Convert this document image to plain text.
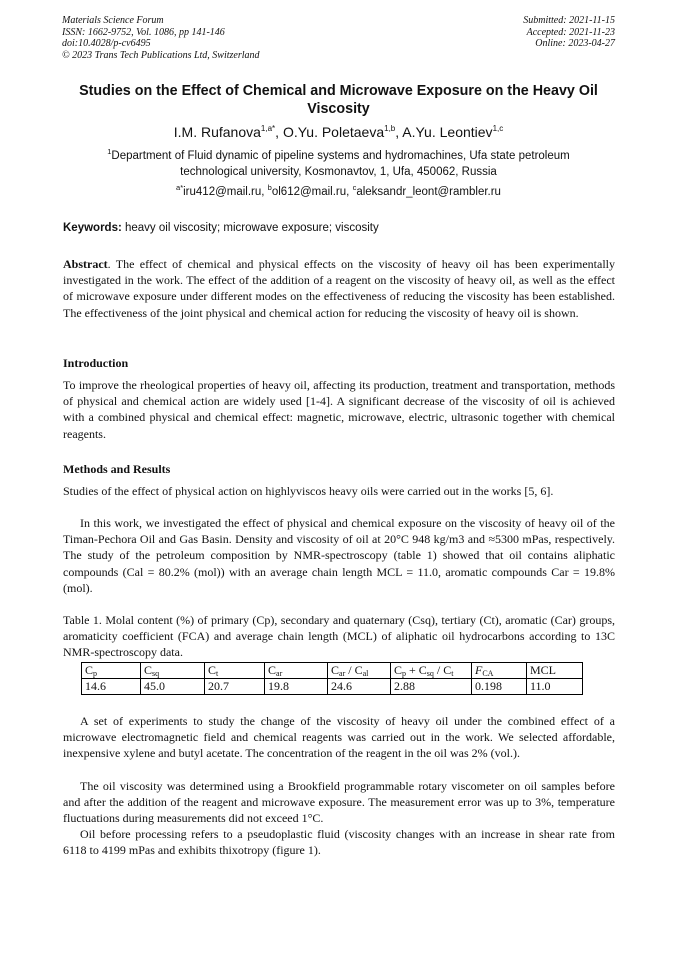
Materials Science Forum
ISSN: 1662-9752, Vol. 1086, pp 141-146
doi:10.4028/p-cv6495
© 2023 Trans Tech Publications Ltd, Switzerland
Submitted: 2021-11-15
Accepted: 2021-11-23
Online: 2023-04-27
Studies on the Effect of Chemical and Microwave Exposure on the Heavy Oil Viscosity
I.M. Rufanova$^{1,a*}$, O.Yu. Poletaeva$^{1,b}$, A.Yu. Leontiev$^{1,c}$
$^1$Department of Fluid dynamic of pipeline systems and hydromachines, Ufa state petroleum technological university, Kosmonavtov, 1, Ufa, 450062, Russia
$^{a*}$iru412@mail.ru, $^b$ol612@mail.ru, $^c$aleksandr_leont@rambler.ru
Keywords: heavy oil viscosity; microwave exposure; viscosity
Abstract. The effect of chemical and physical effects on the viscosity of heavy oil has been experimentally investigated in the work. The effect of the addition of a reagent on the viscosity of heavy oil, as well as the effect of microwave exposure under different modes on the effectiveness of reducing the viscosity has been established. The effectiveness of the joint physical and chemical action for reducing the viscosity of heavy oil is shown.
Introduction
To improve the rheological properties of heavy oil, affecting its production, treatment and transportation, methods of physical and chemical action are widely used [1-4]. A significant decrease of the viscosity of oil is achieved with a combined physical and chemical effect: magnetic, microwave, electric, ultrasonic together with chemical reagents.
Methods and Results
Studies of the effect of physical action on highlyviscos heavy oils were carried out in the works [5, 6].
In this work, we investigated the effect of physical and chemical exposure on the viscosity of heavy oil of the Timan-Pechora Oil and Gas Basin. Density and viscosity of oil at 20°C 948 kg/m3 and ≈5300 mPas, respectively. The study of the petroleum composition by NMR-spectroscopy (table 1) showed that oil contains aliphatic compounds (Cal = 80.2% (mol)) with an average chain length MCL = 11.0, aromatic compounds Car = 19.8% (mol).
Table 1. Molal content (%) of primary (Cp), secondary and quaternary (Csq), tertiary (Ct), aromatic (Car) groups, aromaticity coefficient (FCA) and average chain length (MCL) of aliphatic oil hydrocarbons according to 13C NMR-spectroscopy data.
$C_p$	$C_{sq}$	$C_t$	$C_{ar}$	$C_{ar} / C_{al}$	$C_p + C_{sq} / C_t$	$F_{CA}$	MCL
14.6	45.0	20.7	19.8	24.6	2.88	0.198	11.0
A set of experiments to study the change of the viscosity of heavy oil under the combined effect of a microwave electromagnetic field and chemical reagents was carried out in the work. We selected affordable, inexpensive xylene and butyl acetate. The concentration of the reagent in the oil was 2% (vol.).
The oil viscosity was determined using a Brookfield programmable rotary viscometer on oil samples before and after the addition of the reagent and microwave exposure. The measurement error was up to 3%, temperature fluctuations during measurements did not exceed 1°C.
Oil before processing refers to a pseudoplastic fluid (viscosity changes with an increase in shear rate from 6118 to 4199 mPas and exhibits thixotropy (figure 1).
